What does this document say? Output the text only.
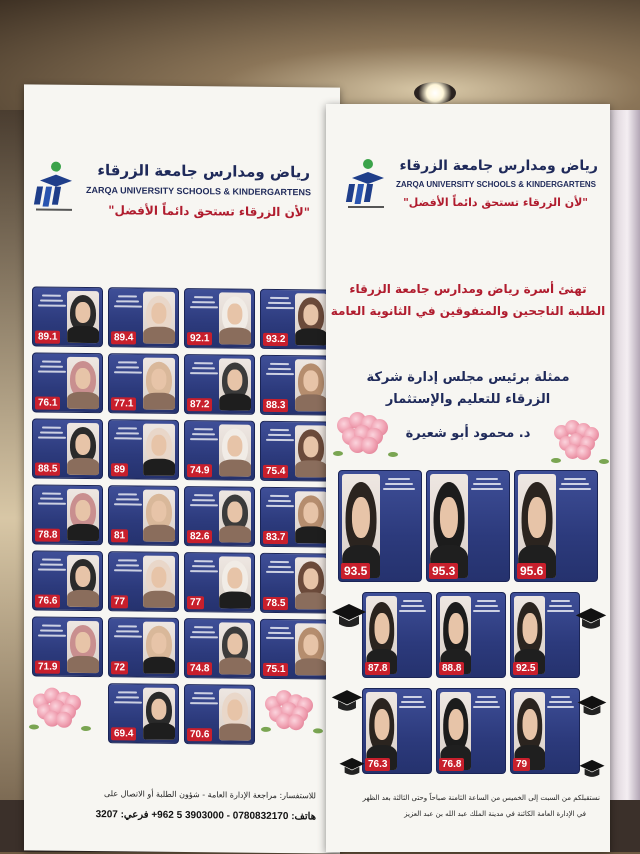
رياض ومدارس جامعة الزرقاء
ZARQA UNIVERSITY SCHOOLS & KINDERGARTENS
"لأن الزرقاء تستحق دائماً الأفضل"
89.1	89.4	92.1	93.2
76.1	77.1	87.2	88.3
88.5	89	74.9	75.4
78.8	81	82.6	83.7
76.6	77	77	78.5
71.9	72	74.8	75.1
69.4	70.6
للاستفسار: مراجعة الإدارة العامة - شؤون الطلبة أو الاتصال على
هاتف: 0780832170 - 3903000 5 962+ فرعي: 3207
رياض ومدارس جامعة الزرقاء
ZARQA UNIVERSITY SCHOOLS & KINDERGARTENS
"لأن الزرقاء تستحق دائماً الأفضل"
تهنئ أسرة رياض ومدارس جامعة الزرقاء
الطلبة الناجحين والمتفوقين في الثانوية العامة
ممثلة برئيس مجلس إدارة شركة
الزرقاء للتعليم والإستثمار
د. محمود أبو شعيرة
93.5	95.3	95.6
87.8	88.8	92.5
76.3	76.8	79
نستقبلكم من السبت إلى الخميس من الساعة الثامنة صباحاً وحتى الثالثة بعد الظهر
في الإدارة العامة الكائنة في مدينة الملك عبد الله بن عبد العزيز
